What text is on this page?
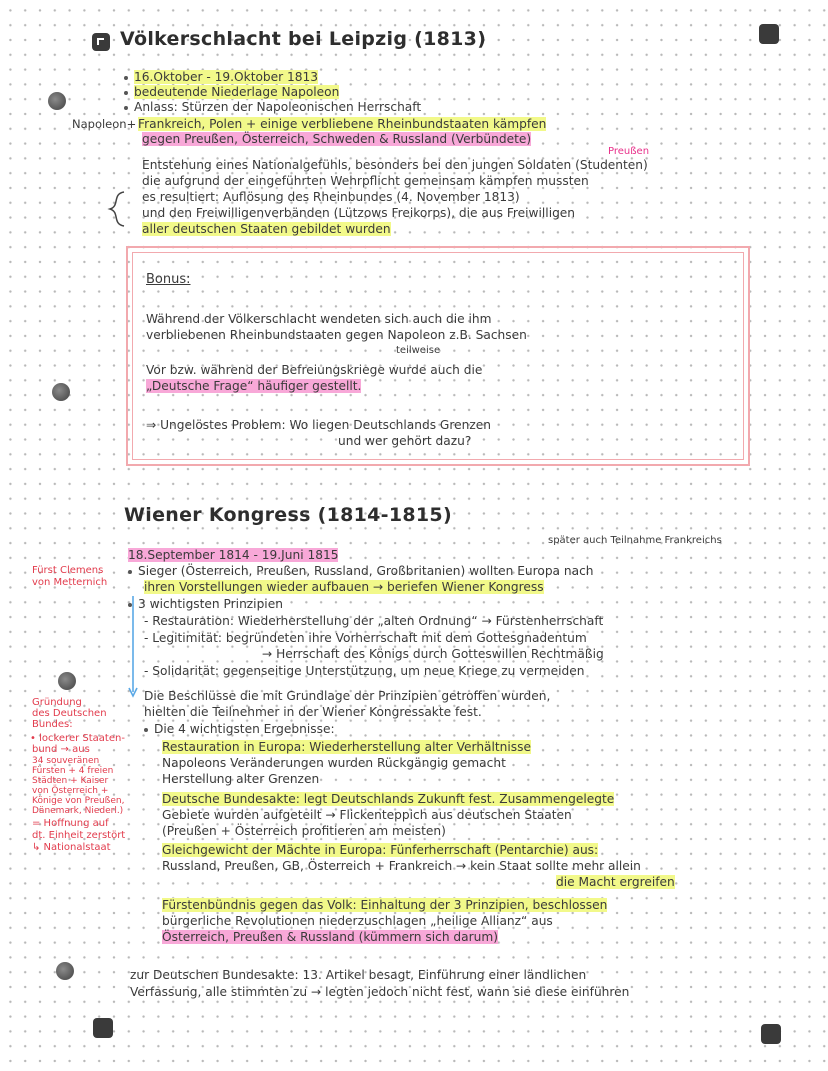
Völkerschlacht bei Leipzig (1813)
16.Oktober - 19.Oktober 1813
bedeutende Niederlage Napoleon
Anlass: Stürzen der Napoleonischen Herrschaft
Napoleon+ Frankreich, Polen + einige verbliebene Rheinbundstaaten kämpfen
gegen Preußen, Österreich, Schweden & Russland (Verbündete)
Preußen
Entstehung eines Nationalgefühls, besonders bei den jungen Soldaten (Studenten)
die aufgrund der eingeführten Wehrpflicht gemeinsam kämpfen mussten
es resultiert: Auflösung des Rheinbundes (4. November 1813)
und den Freiwilligenverbänden (Lützows Freikorps), die aus Freiwilligen
aller deutschen Staaten gebildet wurden
Bonus:
Während der Völkerschlacht wendeten sich auch die ihm
verbliebenen Rheinbundstaaten gegen Napoleon z.B. Sachsen
teilweise
Vor bzw. während der Befreiungskriege wurde auch die
„Deutsche Frage“ häufiger gestellt.
⇒ Ungelöstes Problem: Wo liegen Deutschlands Grenzen
und wer gehört dazu?
Wiener Kongress (1814-1815)
später auch Teilnahme Frankreichs
Fürst Clemens
von Metternich
18.September 1814 - 19.Juni 1815
Sieger (Österreich, Preußen, Russland, Großbritanien) wollten Europa nach
ihren Vorstellungen wieder aufbauen → beriefen Wiener Kongress
3 wichtigsten Prinzipien
- Restauration: Wiederherstellung der „alten Ordnung“ → Fürstenherrschaft
- Legitimität: begründeten ihre Vorherrschaft mit dem Gottesgnadentum
→ Herrschaft des Königs durch Gotteswillen Rechtmäßig
- Solidarität: gegenseitige Unterstützung, um neue Kriege zu vermeiden
Die Beschlüsse die mit Grundlage der Prinzipien getroffen wurden,
hielten die Teilnehmer in der Wiener Kongressakte fest.
Die 4 wichtigsten Ergebnisse:
Restauration in Europa: Wiederherstellung alter Verhältnisse
Napoleons Veränderungen wurden Rückgängig gemacht
Herstellung alter Grenzen
Deutsche Bundesakte: legt Deutschlands Zukunft fest. Zusammengelegte
Gebiete wurden aufgeteilt → Flickenteppich aus deutschen Staaten
(Preußen + Österreich profitieren am meisten)
Gleichgewicht der Mächte in Europa: Fünferherrschaft (Pentarchie) aus:
Russland, Preußen, GB, Österreich + Frankreich → kein Staat sollte mehr allein
die Macht ergreifen
Fürstenbündnis gegen das Volk: Einhaltung der 3 Prinzipien, beschlossen
bürgerliche Revolutionen niederzuschlagen „heilige Allianz“ aus
Österreich, Preußen & Russland (kümmern sich darum)
zur Deutschen Bundesakte: 13. Artikel besagt, Einführung einer ländlichen
Verfassung, alle stimmten zu → legten jedoch nicht fest, wann sie diese einführen
Gründung
des Deutschen
Bundes:
• lockerer Staaten-
bund → aus
34 souveränen
Fürsten + 4 freien
Städten + Kaiser
von Österreich +
Könige von Preußen,
Dänemark, Niederl.)
= Hoffnung auf
dt. Einheit zerstört
↳ Nationalstaat
